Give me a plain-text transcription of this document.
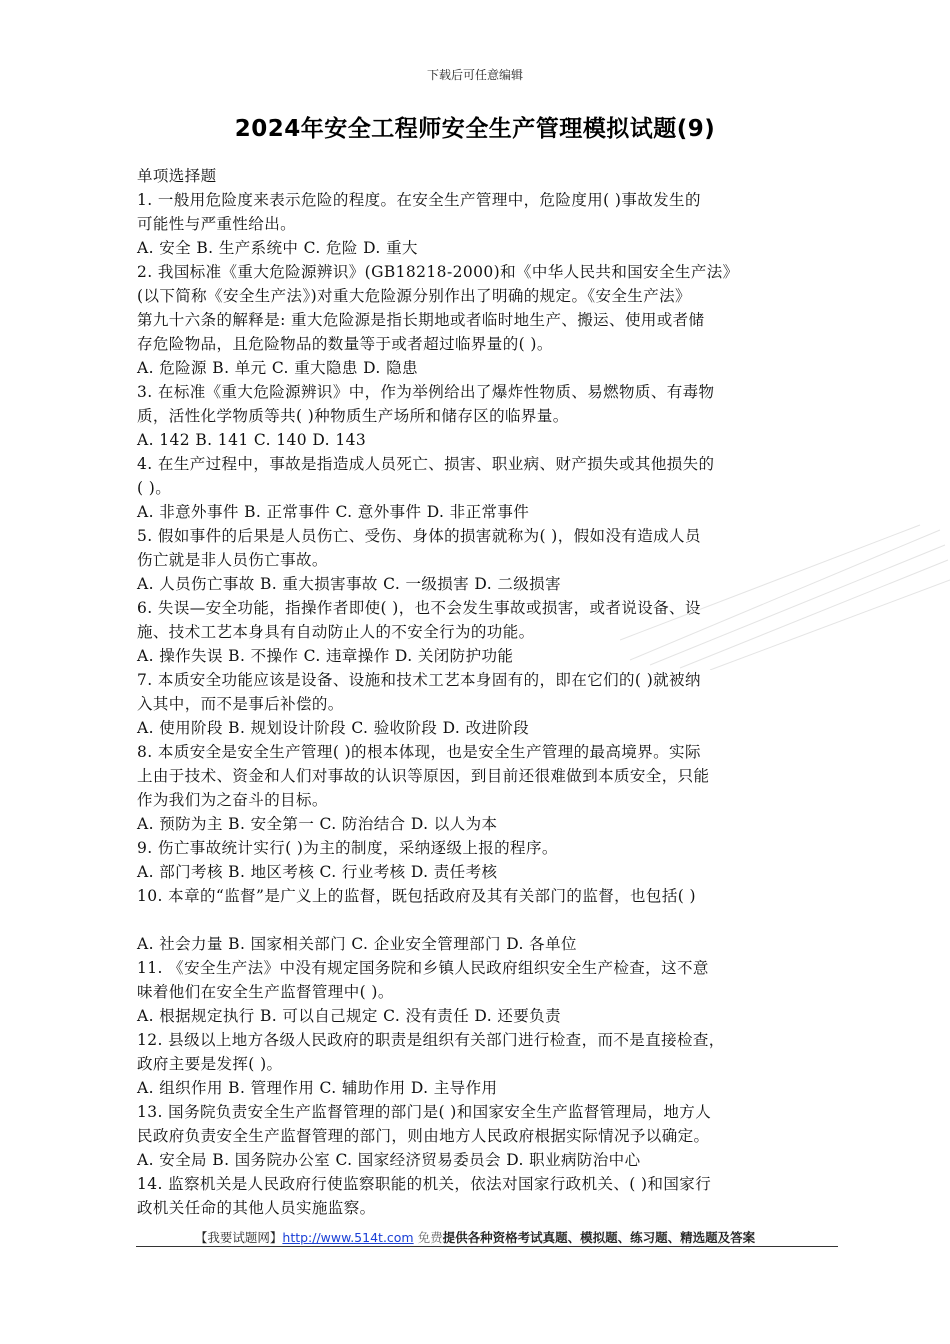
下载后可任意编辑
2024年安全工程师安全生产管理模拟试题(9)

单项选择题

1. 一般用危险度来表示危险的程度。在安全生产管理中，危险度用( )事故发生的

可能性与严重性给出。

A. 安全 B. 生产系统中 C. 危险 D. 重大

2. 我国标准《重大危险源辨识》(GB18218-2000)和《中华人民共和国安全生产法》

(以下简称《安全生产法》)对重大危险源分别作出了明确的规定。《安全生产法》

第九十六条的解释是: 重大危险源是指长期地或者临时地生产、搬运、使用或者储

存危险物品，且危险物品的数量等于或者超过临界量的( )。

A. 危险源 B. 单元 C. 重大隐患 D. 隐患

3. 在标准《重大危险源辨识》中，作为举例给出了爆炸性物质、易燃物质、有毒物

质，活性化学物质等共( )种物质生产场所和储存区的临界量。

A. 142 B. 141 C. 140 D. 143

4. 在生产过程中，事故是指造成人员死亡、损害、职业病、财产损失或其他损失的

( )。

A. 非意外事件 B. 正常事件 C. 意外事件 D. 非正常事件

5. 假如事件的后果是人员伤亡、受伤、身体的损害就称为( )，假如没有造成人员

伤亡就是非人员伤亡事故。

A. 人员伤亡事故 B. 重大损害事故 C. 一级损害 D. 二级损害

6. 失误—安全功能，指操作者即使( )，也不会发生事故或损害，或者说设备、设

施、技术工艺本身具有自动防止人的不安全行为的功能。

A. 操作失误 B. 不操作 C. 违章操作 D. 关闭防护功能

7. 本质安全功能应该是设备、设施和技术工艺本身固有的，即在它们的( )就被纳

入其中，而不是事后补偿的。

A. 使用阶段 B. 规划设计阶段 C. 验收阶段 D. 改进阶段

8. 本质安全是安全生产管理( )的根本体现，也是安全生产管理的最高境界。实际

上由于技术、资金和人们对事故的认识等原因，到目前还很难做到本质安全，只能

作为我们为之奋斗的目标。

A. 预防为主 B. 安全第一 C. 防治结合 D. 以人为本

9. 伤亡事故统计实行( )为主的制度，采纳逐级上报的程序。

A. 部门考核 B. 地区考核 C. 行业考核 D. 责任考核

10. 本章的“监督”是广义上的监督，既包括政府及其有关部门的监督，也包括( )

A. 社会力量 B. 国家相关部门 C. 企业安全管理部门 D. 各单位

11. 《安全生产法》中没有规定国务院和乡镇人民政府组织安全生产检查，这不意

味着他们在安全生产监督管理中( )。

A. 根据规定执行 B. 可以自己规定 C. 没有责任 D. 还要负责

12. 县级以上地方各级人民政府的职责是组织有关部门进行检查，而不是直接检查，

政府主要是发挥( )。

A. 组织作用 B. 管理作用 C. 辅助作用 D. 主导作用

13. 国务院负责安全生产监督管理的部门是( )和国家安全生产监督管理局，地方人

民政府负责安全生产监督管理的部门，则由地方人民政府根据实际情况予以确定。

A. 安全局 B. 国务院办公室 C. 国家经济贸易委员会 D. 职业病防治中心

14. 监察机关是人民政府行使监察职能的机关，依法对国家行政机关、( )和国家行

政机关任命的其他人员实施监察。

【我要试题网】http://www.514t.com 免费提供各种资格考试真题、模拟题、练习题、精选题及答案
